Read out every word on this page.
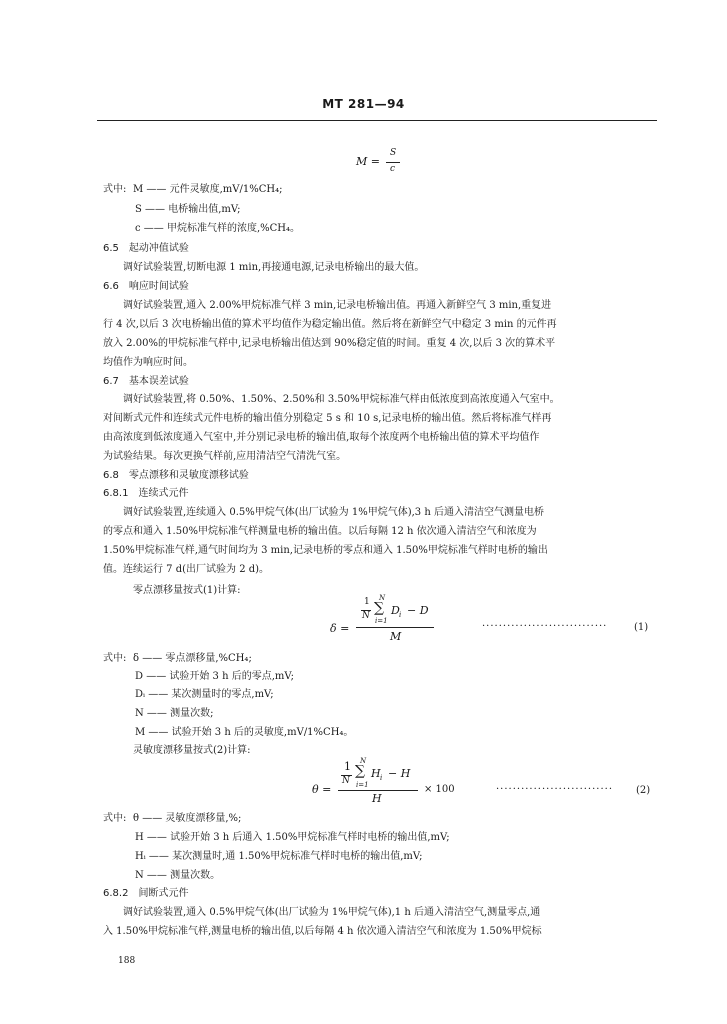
MT 281—94
M =
S
c
式中: M —— 元件灵敏度,mV/1%CH₄;
S —— 电桥输出值,mV;
c —— 甲烷标准气样的浓度,%CH₄。
6.5　起动冲值试验
调好试验装置,切断电源 1 min,再接通电源,记录电桥输出的最大值。
6.6　响应时间试验
调好试验装置,通入 2.00%甲烷标准气样 3 min,记录电桥输出值。再通入新鲜空气 3 min,重复进
行 4 次,以后 3 次电桥输出值的算术平均值作为稳定输出值。然后将在新鲜空气中稳定 3 min 的元件再
放入 2.00%的甲烷标准气样中,记录电桥输出值达到 90%稳定值的时间。重复 4 次,以后 3 次的算术平
均值作为响应时间。
6.7　基本误差试验
调好试验装置,将 0.50%、1.50%、2.50%和 3.50%甲烷标准气样由低浓度到高浓度通入气室中。
对间断式元件和连续式元件电桥的输出值分别稳定 5 s 和 10 s,记录电桥的输出值。然后将标准气样再
由高浓度到低浓度通入气室中,并分别记录电桥的输出值,取每个浓度两个电桥输出值的算术平均值作
为试验结果。每次更换气样前,应用清洁空气清洗气室。
6.8　零点漂移和灵敏度漂移试验
6.8.1　连续式元件
调好试验装置,连续通入 0.5%甲烷气体(出厂试验为 1%甲烷气体),3 h 后通入清洁空气测量电桥
的零点和通入 1.50%甲烷标准气样测量电桥的输出值。以后每隔 12 h 依次通入清洁空气和浓度为
1.50%甲烷标准气样,通气时间均为 3 min,记录电桥的零点和通入 1.50%甲烷标准气样时电桥的输出
值。连续运行 7 d(出厂试验为 2 d)。
零点漂移量按式(1)计算:
δ =
1
N
N
∑
i=1
D i − D
M
······························	(1)
式中: δ —— 零点漂移量,%CH₄;
D —— 试验开始 3 h 后的零点,mV;
Dᵢ —— 某次测量时的零点,mV;
N —— 测量次数;
M —— 试验开始 3 h 后的灵敏度,mV/1%CH₄。
灵敏度漂移量按式(2)计算:
θ =
1
N
N
∑
i=1
H i − H
H
× 100	···························· (2)
式中: θ —— 灵敏度漂移量,%;
H —— 试验开始 3 h 后通入 1.50%甲烷标准气样时电桥的输出值,mV;
Hᵢ —— 某次测量时,通 1.50%甲烷标准气样时电桥的输出值,mV;
N —— 测量次数。
6.8.2　间断式元件
调好试验装置,通入 0.5%甲烷气体(出厂试验为 1%甲烷气体),1 h 后通入清洁空气,测量零点,通
入 1.50%甲烷标准气样,测量电桥的输出值,以后每隔 4 h 依次通入清洁空气和浓度为 1.50%甲烷标
188
